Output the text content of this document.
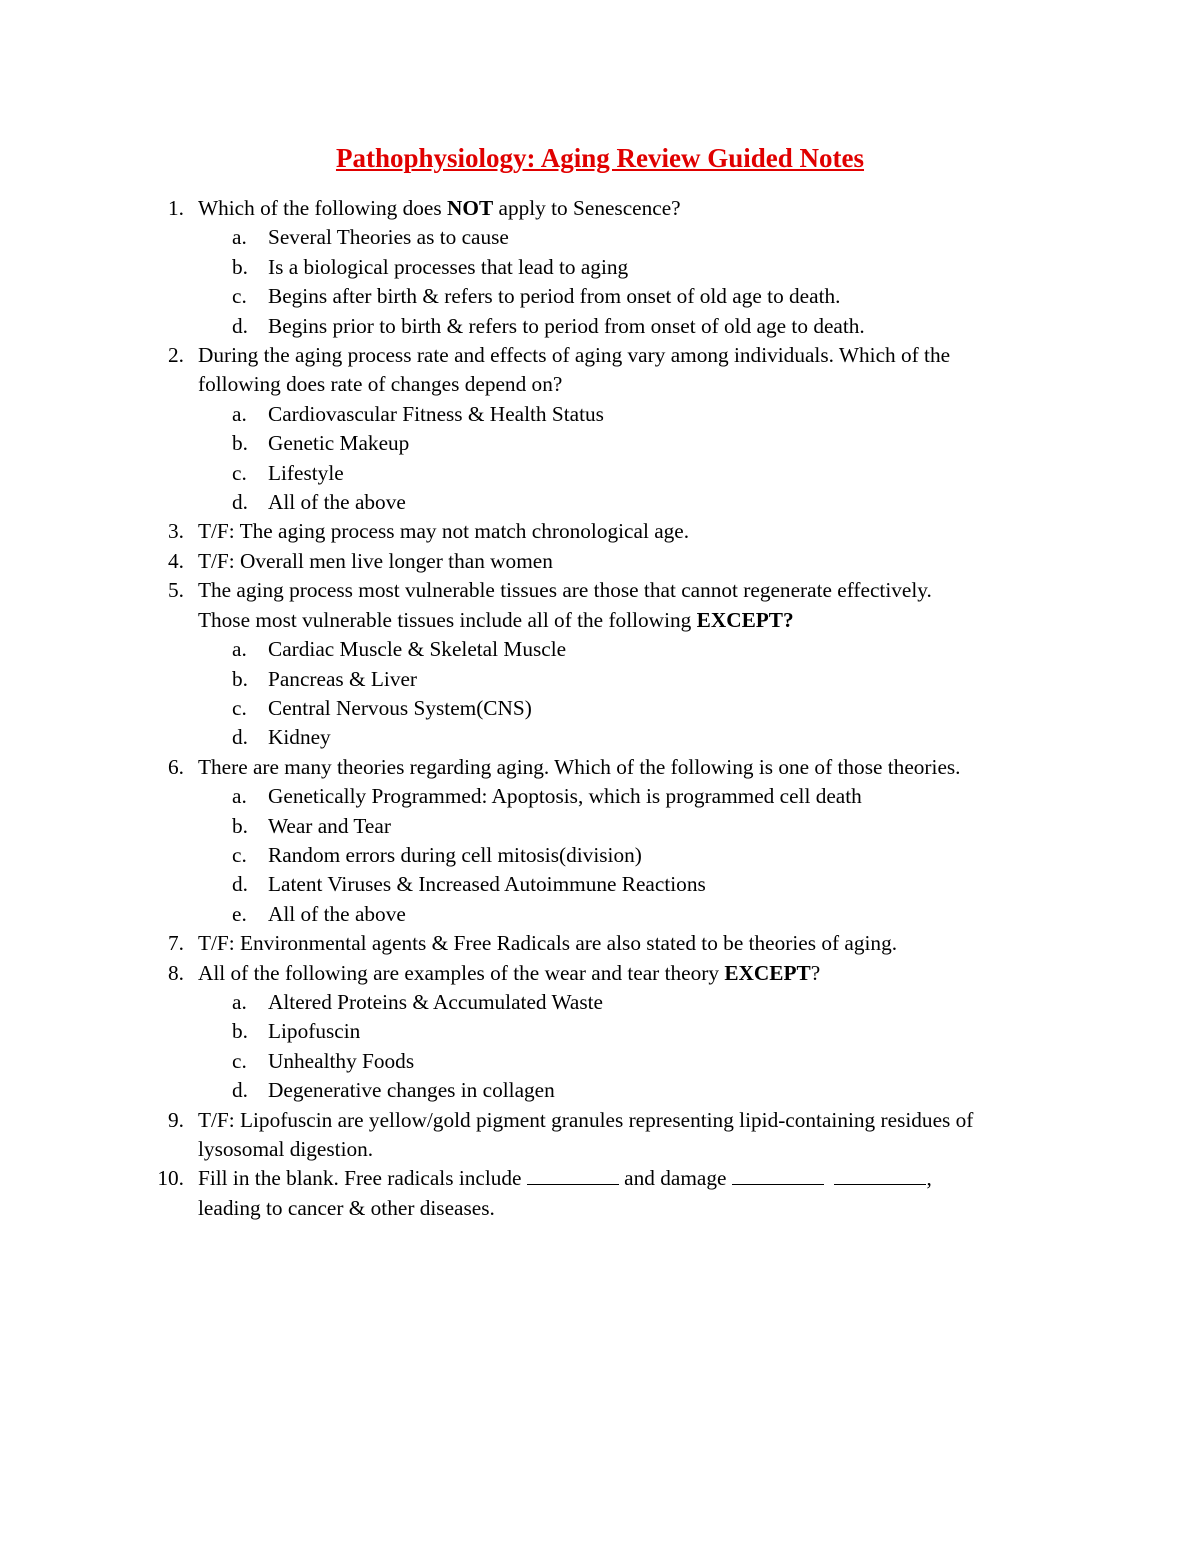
Pathophysiology: Aging Review Guided Notes
1. Which of the following does NOT apply to Senescence?
a. Several Theories as to cause
b. Is a biological processes that lead to aging
c. Begins after birth & refers to period from onset of old age to death.
d. Begins prior to birth & refers to period from onset of old age to death.
2. During the aging process rate and effects of aging vary among individuals. Which of the
following does rate of changes depend on?
a. Cardiovascular Fitness & Health Status
b. Genetic Makeup
c. Lifestyle
d. All of the above
3. T/F: The aging process may not match chronological age.
4. T/F: Overall men live longer than women
5. The aging process most vulnerable tissues are those that cannot regenerate effectively.
Those most vulnerable tissues include all of the following EXCEPT?
a. Cardiac Muscle & Skeletal Muscle
b. Pancreas & Liver
c. Central Nervous System(CNS)
d. Kidney
6. There are many theories regarding aging. Which of the following is one of those theories.
a. Genetically Programmed: Apoptosis, which is programmed cell death
b. Wear and Tear
c. Random errors during cell mitosis(division)
d. Latent Viruses & Increased Autoimmune Reactions
e. All of the above
7. T/F: Environmental agents & Free Radicals are also stated to be theories of aging.
8. All of the following are examples of the wear and tear theory EXCEPT?
a. Altered Proteins & Accumulated Waste
b. Lipofuscin
c. Unhealthy Foods
d. Degenerative changes in collagen
9. T/F: Lipofuscin are yellow/gold pigment granules representing lipid-containing residues of
lysosomal digestion.
10. Fill in the blank. Free radicals include	and damage	,
leading to cancer & other diseases.
